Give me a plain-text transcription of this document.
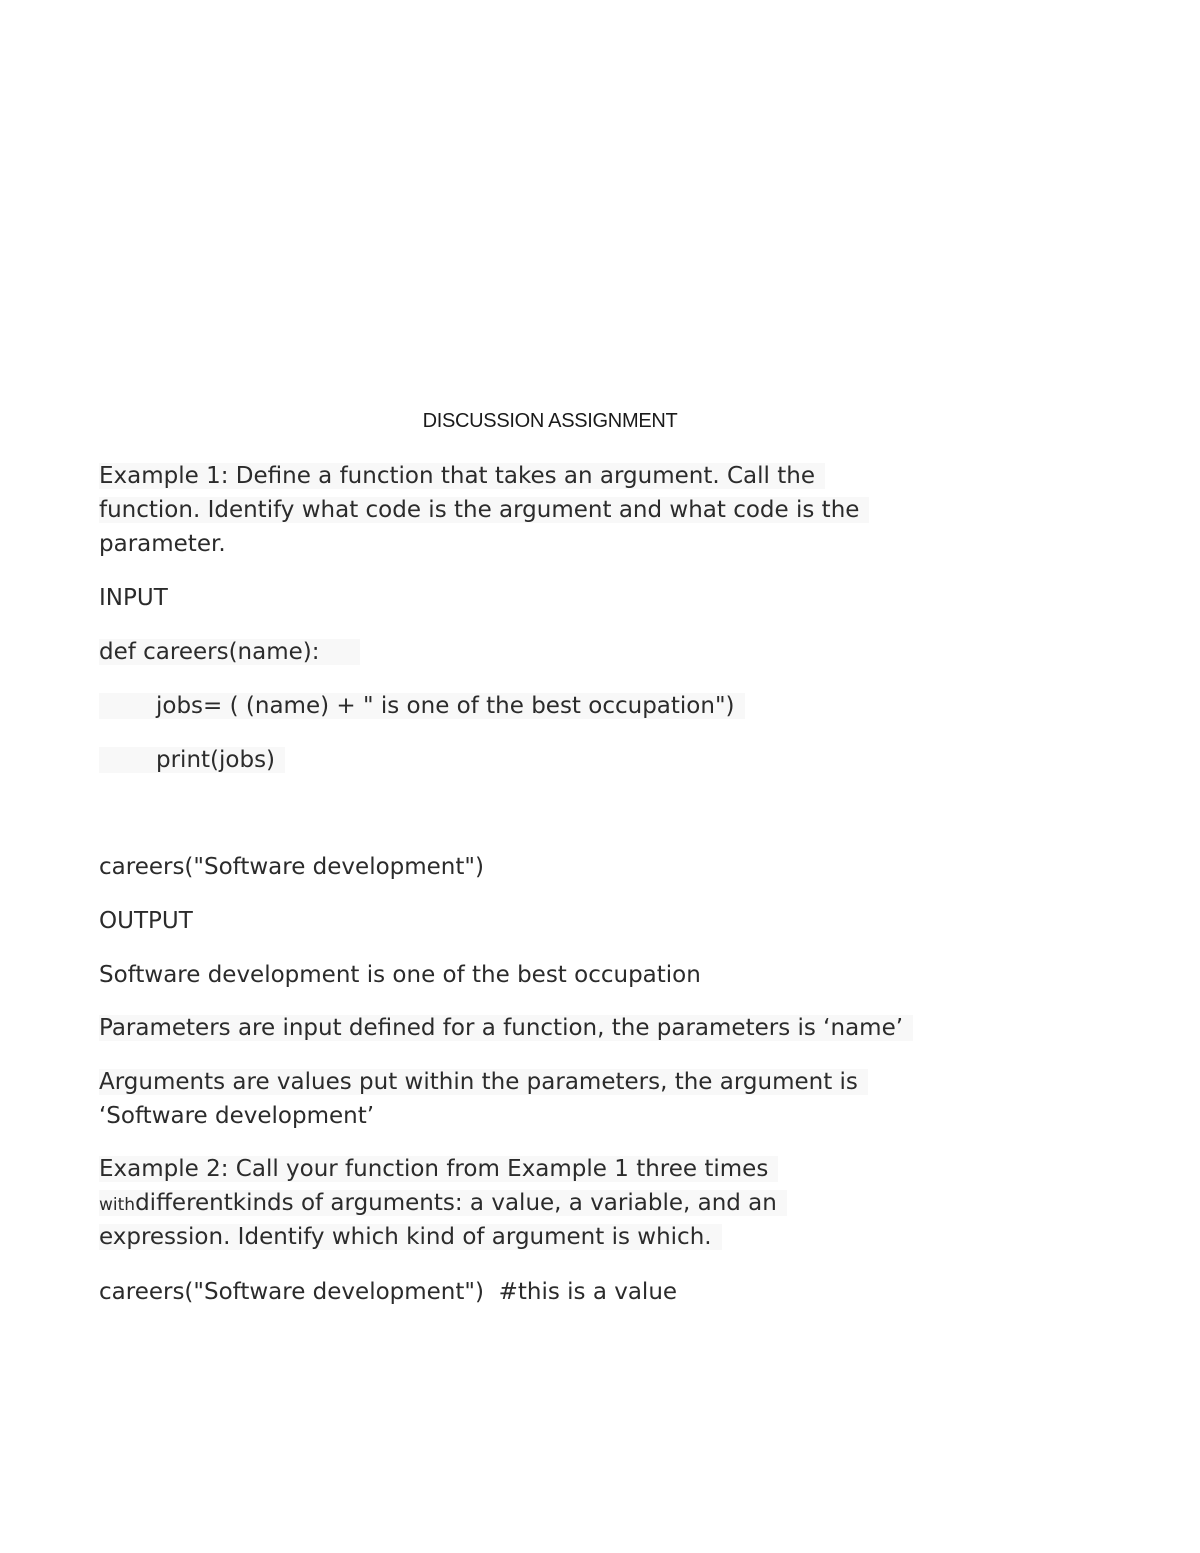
DISCUSSION ASSIGNMENT
Example 1: Define a function that takes an argument. Call the
function. Identify what code is the argument and what code is the
parameter.
INPUT
def careers(name):
jobs= ( (name) + " is one of the best occupation")
print(jobs)
careers("Software development")
OUTPUT
Software development is one of the best occupation
Parameters are input defined for a function, the parameters is ‘name’
Arguments are values put within the parameters, the argument is
‘Software development’
Example 2: Call your function from Example 1 three times
withdifferentkinds of arguments: a value, a variable, and an
expression. Identify which kind of argument is which.
careers("Software development")  #this is a value
